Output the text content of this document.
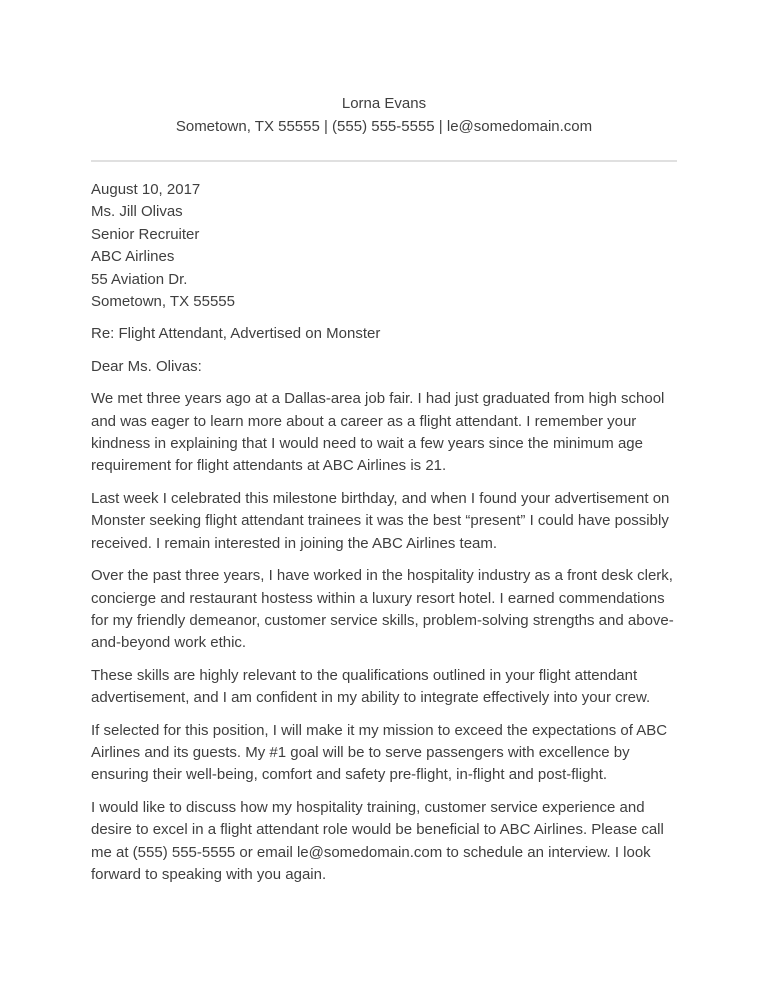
Lorna Evans
Sometown, TX 55555 | (555) 555-5555 | le@somedomain.com
August 10, 2017
Ms. Jill Olivas
Senior Recruiter
ABC Airlines
55 Aviation Dr.
Sometown, TX 55555

Re: Flight Attendant, Advertised on Monster

Dear Ms. Olivas:

We met three years ago at a Dallas-area job fair. I had just graduated from high school and was eager to learn more about a career as a flight attendant. I remember your kindness in explaining that I would need to wait a few years since the minimum age requirement for flight attendants at ABC Airlines is 21.

Last week I celebrated this milestone birthday, and when I found your advertisement on Monster seeking flight attendant trainees it was the best “present” I could have possibly received. I remain interested in joining the ABC Airlines team.

Over the past three years, I have worked in the hospitality industry as a front desk clerk, concierge and restaurant hostess within a luxury resort hotel. I earned commendations for my friendly demeanor, customer service skills, problem-solving strengths and above-and-beyond work ethic.

These skills are highly relevant to the qualifications outlined in your flight attendant advertisement, and I am confident in my ability to integrate effectively into your crew.

If selected for this position, I will make it my mission to exceed the expectations of ABC Airlines and its guests. My #1 goal will be to serve passengers with excellence by ensuring their well-being, comfort and safety pre-flight, in-flight and post-flight.

I would like to discuss how my hospitality training, customer service experience and desire to excel in a flight attendant role would be beneficial to ABC Airlines. Please call me at (555) 555-5555 or email le@somedomain.com to schedule an interview. I look forward to speaking with you again.
